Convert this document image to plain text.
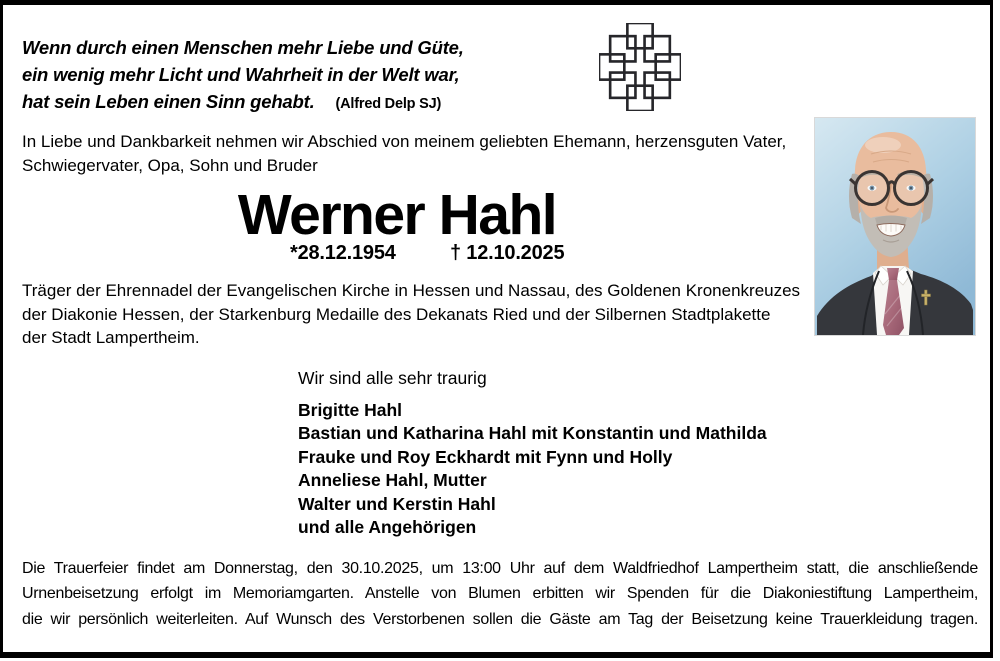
Wenn durch einen Menschen mehr Liebe und Güte,
ein wenig mehr Licht und Wahrheit in der Welt war,
hat sein Leben einen Sinn gehabt. (Alfred Delp SJ)
In Liebe und Dankbarkeit nehmen wir Abschied von meinem geliebten Ehemann, herzensguten Vater,
Schwiegervater, Opa, Sohn und Bruder
Werner Hahl
*28.12.1954	† 12.10.2025
Träger der Ehrennadel der Evangelischen Kirche in Hessen und Nassau, des Goldenen Kronenkreuzes
der Diakonie Hessen, der Starkenburg Medaille des Dekanats Ried und der Silbernen Stadtplakette
der Stadt Lampertheim.
Wir sind alle sehr traurig
Brigitte Hahl
Bastian und Katharina Hahl mit Konstantin und Mathilda
Frauke und Roy Eckhardt mit Fynn und Holly
Anneliese Hahl, Mutter
Walter und Kerstin Hahl
und alle Angehörigen
Die Trauerfeier findet am Donnerstag, den 30.10.2025, um 13:00 Uhr auf dem Waldfriedhof Lampertheim statt, die anschließende
Urnenbeisetzung erfolgt im Memoriamgarten. Anstelle von Blumen erbitten wir Spenden für die Diakoniestiftung Lampertheim,
die wir persönlich weiterleiten. Auf Wunsch des Verstorbenen sollen die Gäste am Tag der Beisetzung keine Trauerkleidung tragen.
